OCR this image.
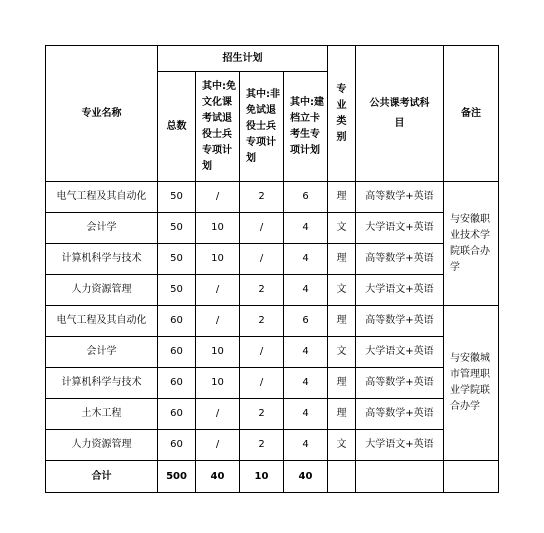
专业名称	招生计划				专业类别	公共课考试科目	备注
	总数	其中:免文化课考试退役士兵专项计划	其中:非免试退役士兵专项计划	其中:建档立卡考生专项计划			
电气工程及其自动化	50	/	2	6	理	高等数学+英语	与安徽职业技术学院联合办学
会计学	50	10	/	4	文	大学语文+英语	
计算机科学与技术	50	10	/	4	理	高等数学+英语	
人力资源管理	50	/	2	4	文	大学语文+英语	
电气工程及其自动化	60	/	2	6	理	高等数学+英语	与安徽城市管理职业学院联合办学
会计学	60	10	/	4	文	大学语文+英语	
计算机科学与技术	60	10	/	4	理	高等数学+英语	
土木工程	60	/	2	4	理	高等数学+英语	
人力资源管理	60	/	2	4	文	大学语文+英语	
合计	500	40	10	40			
